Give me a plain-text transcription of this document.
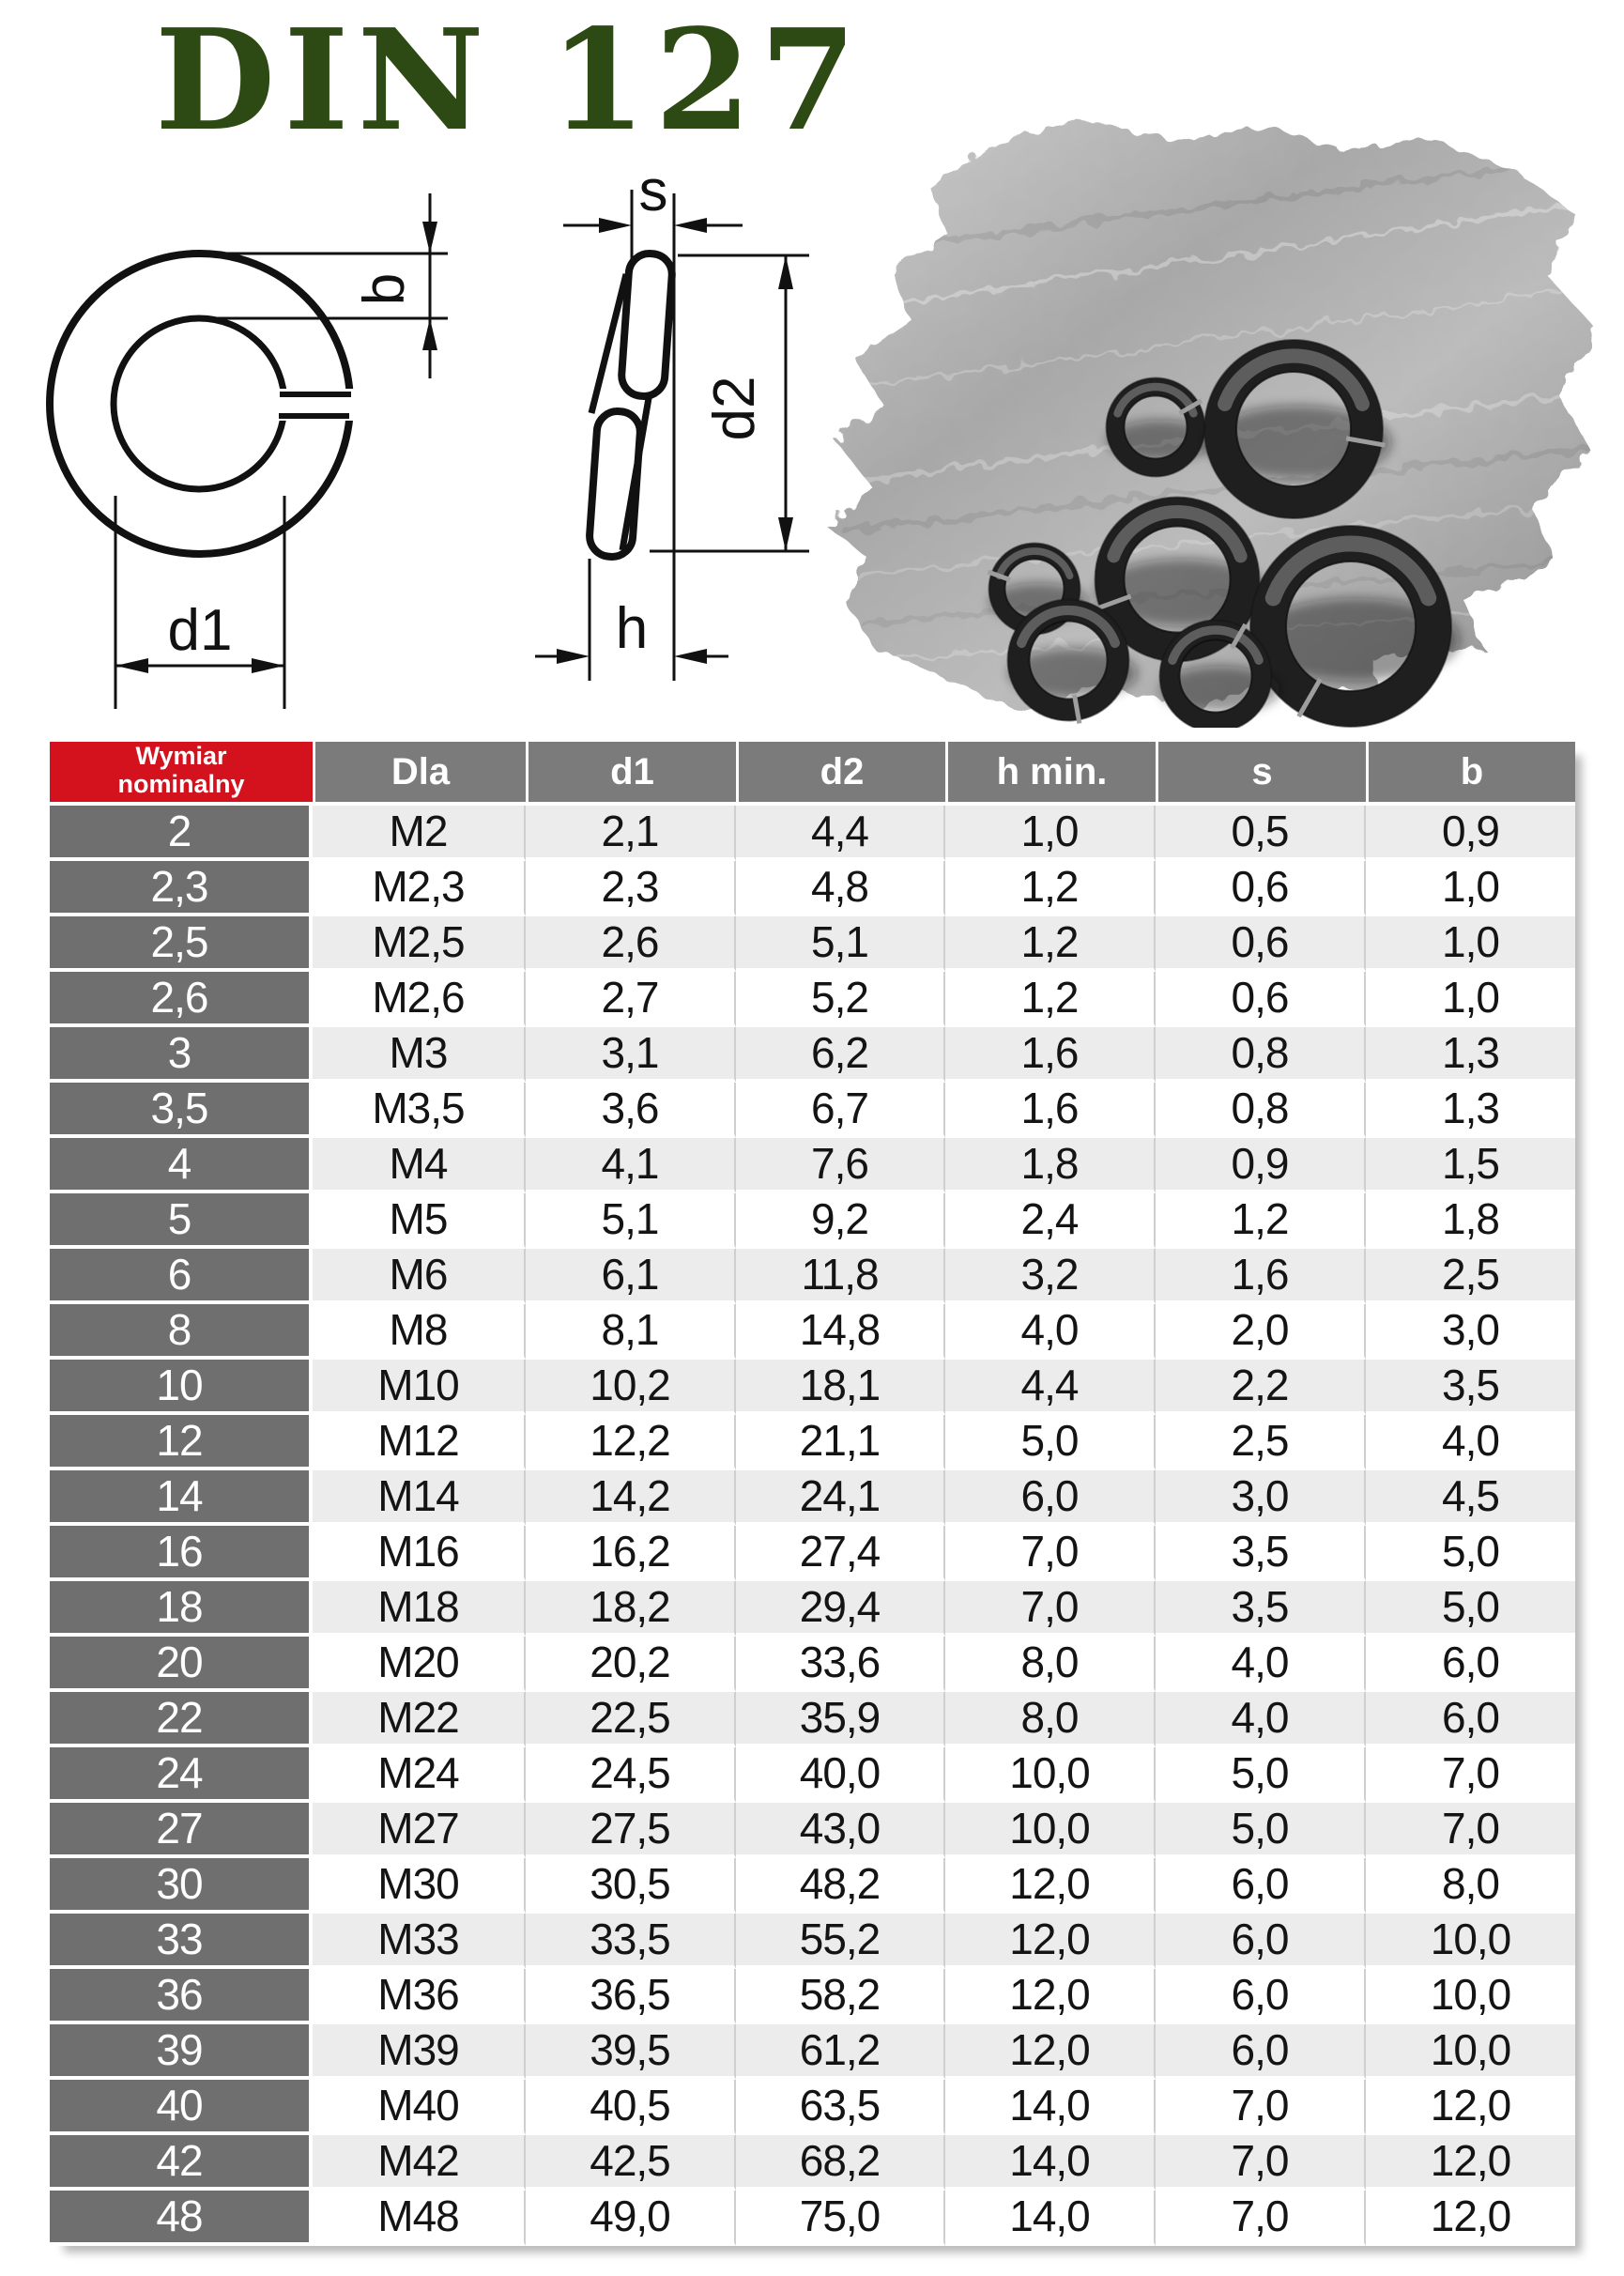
DIN 127
b
d1
s
d2
h
Wymiar nominalny	Dla	d1	d2	h min.	s	b
2	M2	2,1	4,4	1,0	0,5	0,9
2,3	M2,3	2,3	4,8	1,2	0,6	1,0
2,5	M2,5	2,6	5,1	1,2	0,6	1,0
2,6	M2,6	2,7	5,2	1,2	0,6	1,0
3	M3	3,1	6,2	1,6	0,8	1,3
3,5	M3,5	3,6	6,7	1,6	0,8	1,3
4	M4	4,1	7,6	1,8	0,9	1,5
5	M5	5,1	9,2	2,4	1,2	1,8
6	M6	6,1	11,8	3,2	1,6	2,5
8	M8	8,1	14,8	4,0	2,0	3,0
10	M10	10,2	18,1	4,4	2,2	3,5
12	M12	12,2	21,1	5,0	2,5	4,0
14	M14	14,2	24,1	6,0	3,0	4,5
16	M16	16,2	27,4	7,0	3,5	5,0
18	M18	18,2	29,4	7,0	3,5	5,0
20	M20	20,2	33,6	8,0	4,0	6,0
22	M22	22,5	35,9	8,0	4,0	6,0
24	M24	24,5	40,0	10,0	5,0	7,0
27	M27	27,5	43,0	10,0	5,0	7,0
30	M30	30,5	48,2	12,0	6,0	8,0
33	M33	33,5	55,2	12,0	6,0	10,0
36	M36	36,5	58,2	12,0	6,0	10,0
39	M39	39,5	61,2	12,0	6,0	10,0
40	M40	40,5	63,5	14,0	7,0	12,0
42	M42	42,5	68,2	14,0	7,0	12,0
48	M48	49,0	75,0	14,0	7,0	12,0
